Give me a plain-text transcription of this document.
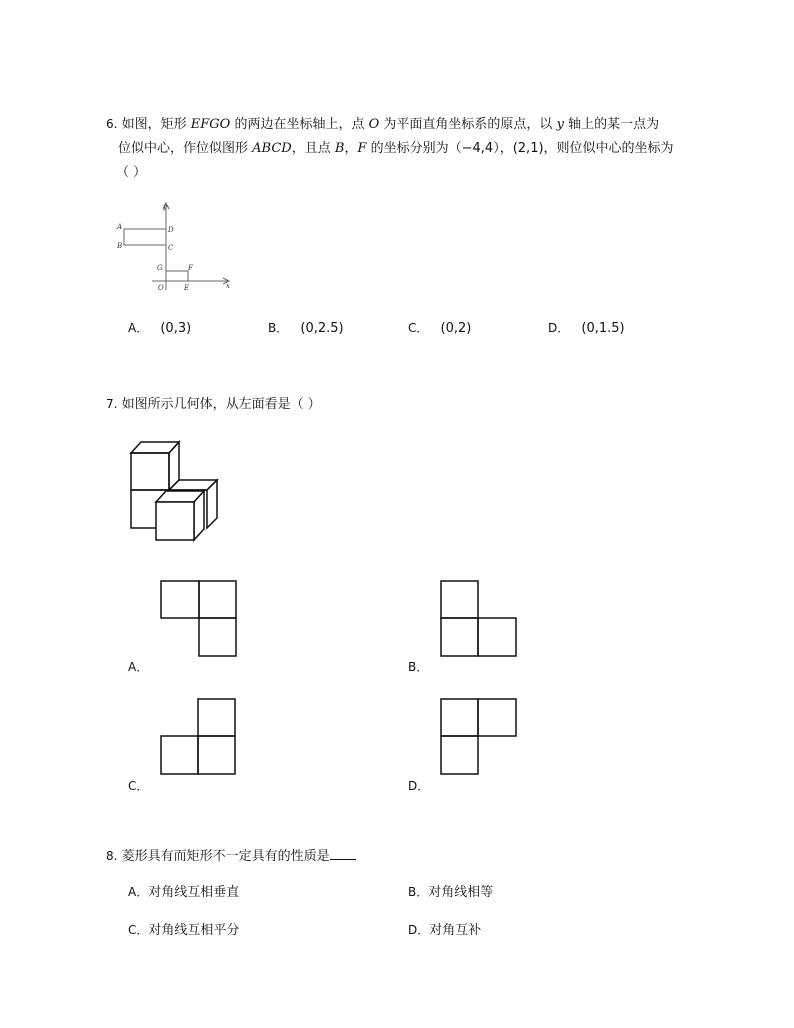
6. 如图，矩形 EFGO 的两边在坐标轴上，点 O 为平面直角坐标系的原点，以 y 轴上的某一点为
位似中心，作位似图形 ABCD，且点 B，F 的坐标分别为（−4,4），(2,1)，则位似中心的坐标为
（ ）
y
A	D
B	C
G	F
O	E	x
A． (0,3)	B． (0,2.5)	C． (0,2)	D． (0,1.5)
7. 如图所示几何体，从左面看是（ ）
A．	B．
C．	D．
8. 菱形具有而矩形不一定具有的性质是
A．对角线互相垂直	B．对角线相等
C．对角线互相平分	D．对角互补
